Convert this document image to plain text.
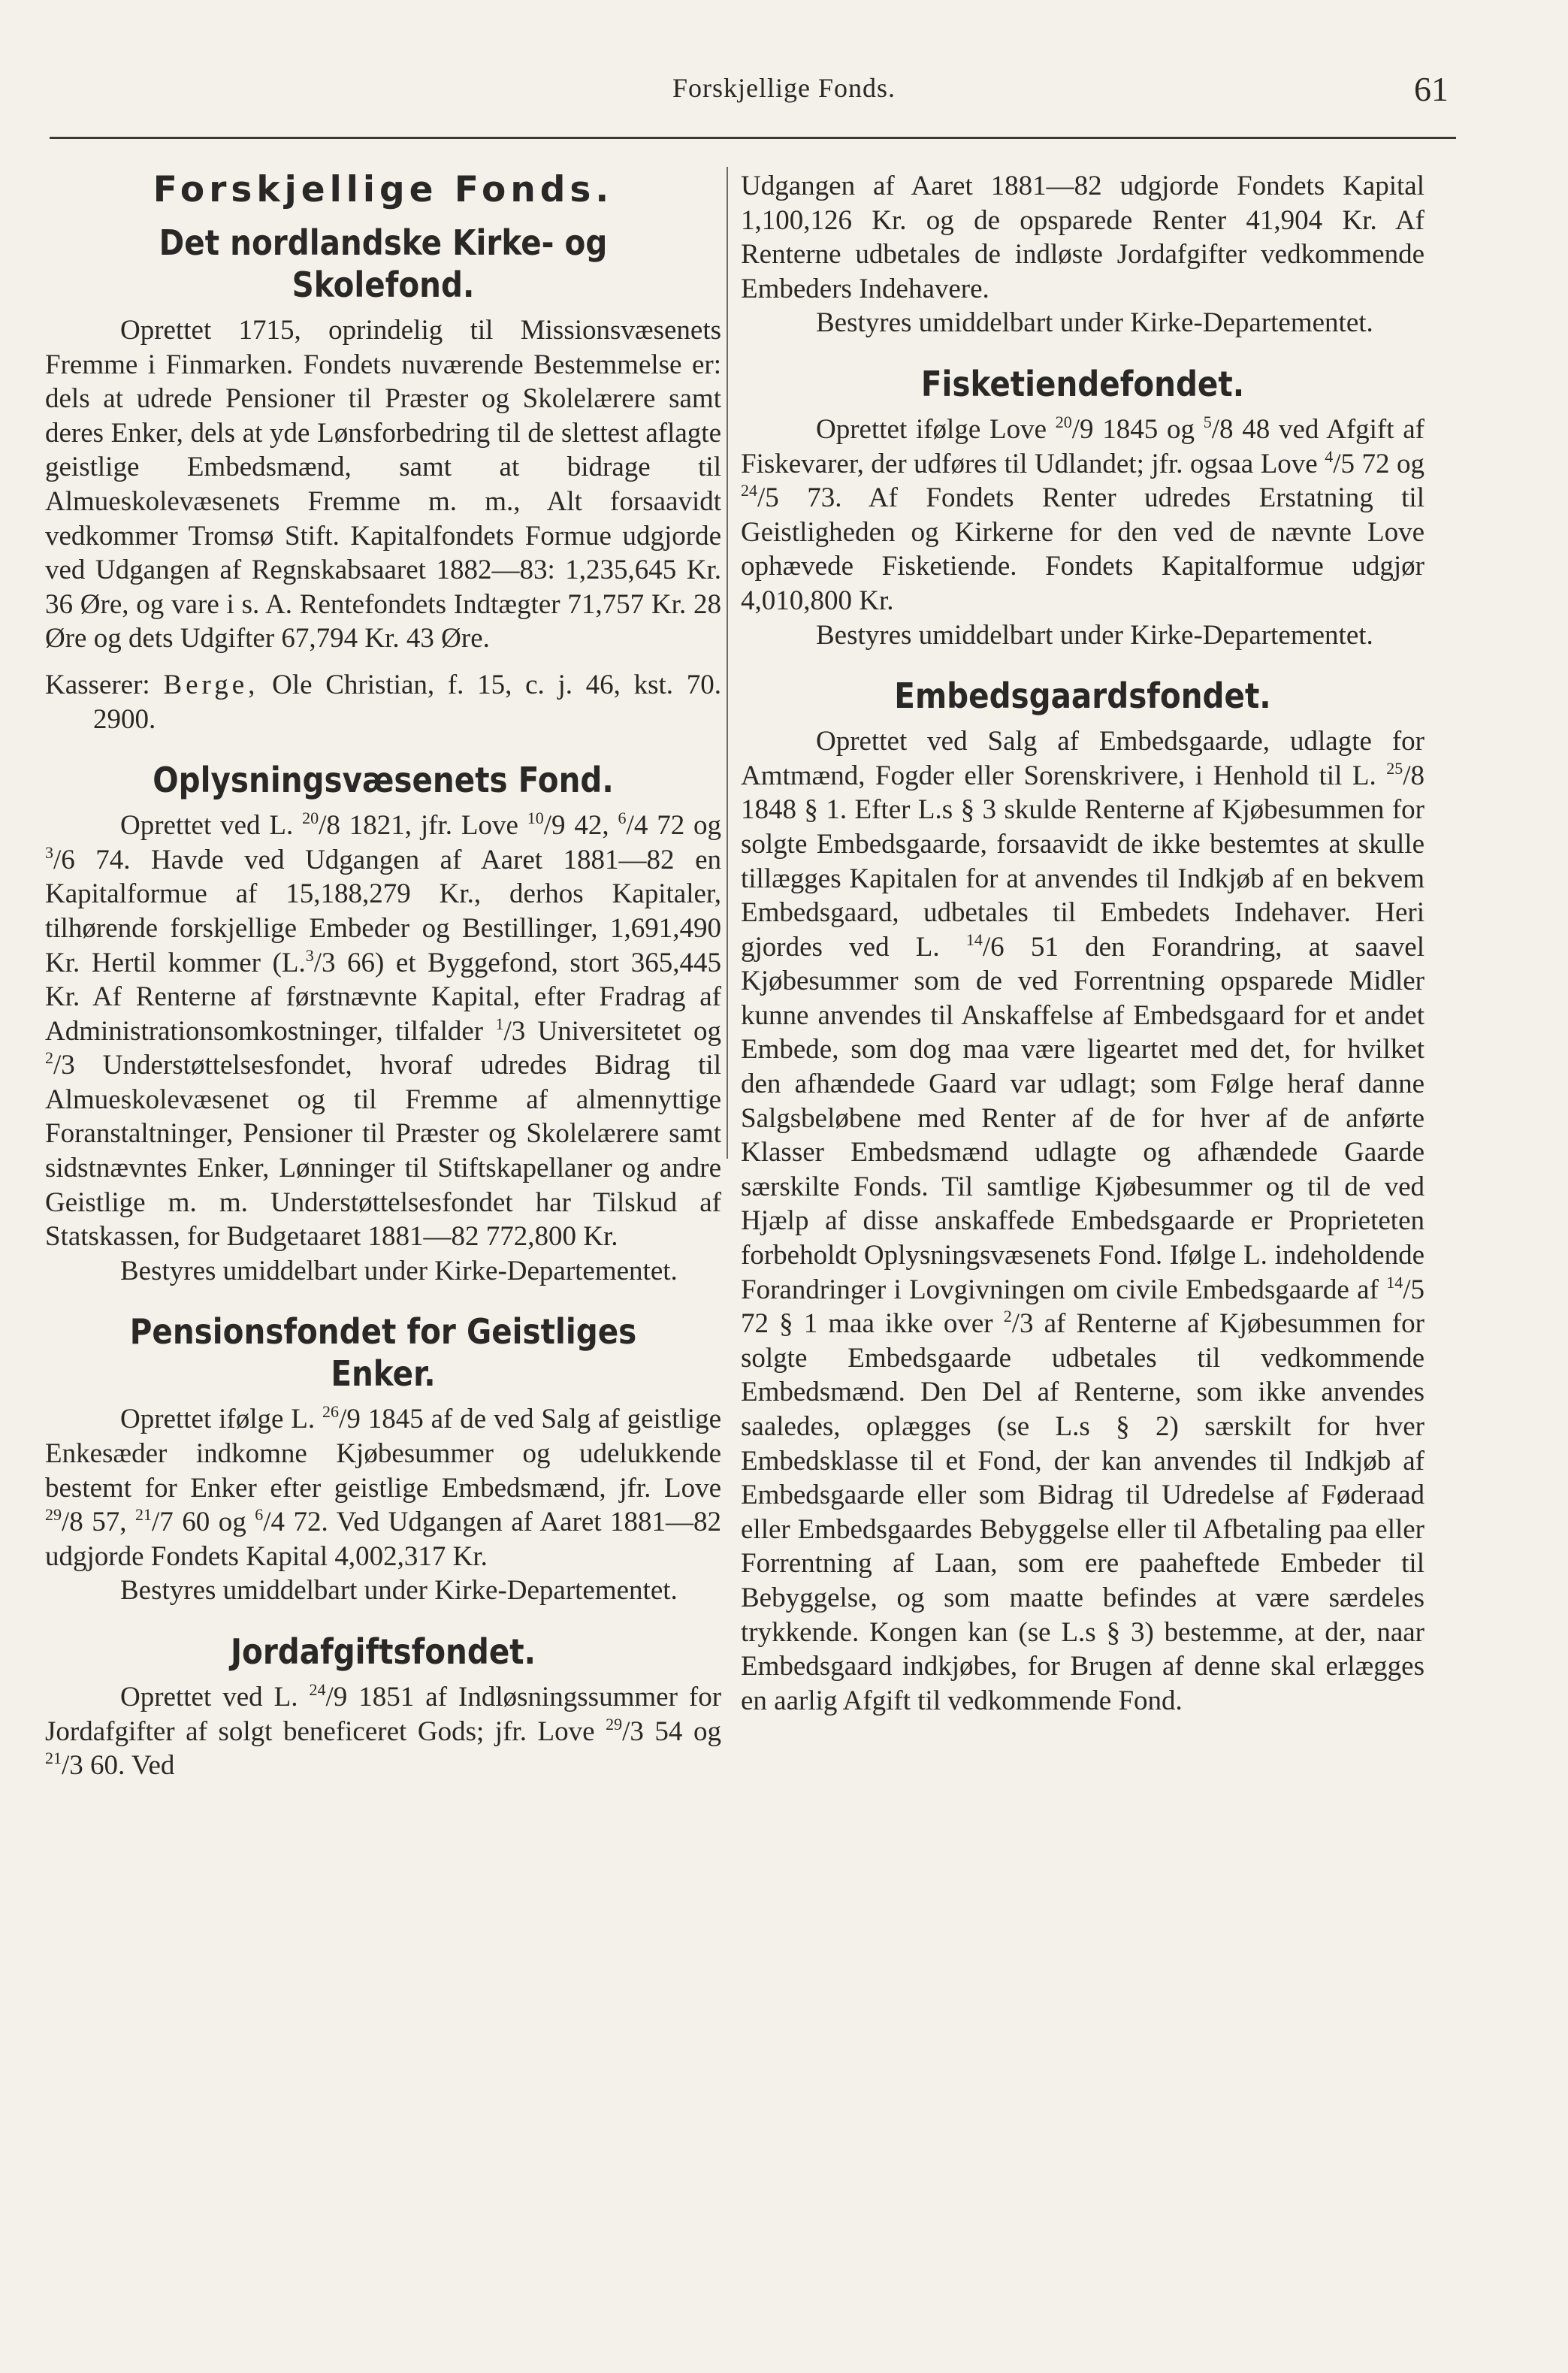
Forskjellige Fonds.	61
Forskjellige Fonds.
Det nordlandske Kirke- og Skolefond.

Oprettet 1715, oprindelig til Missionsvæsenets Fremme i Finmarken. Fondets nuværende Bestemmelse er: dels at udrede Pensioner til Præster og Skolelærere samt deres Enker, dels at yde Lønsforbedring til de slettest aflagte geistlige Embedsmænd, samt at bidrage til Almueskolevæsenets Fremme m. m., Alt forsaavidt vedkommer Tromsø Stift. Kapitalfondets Formue udgjorde ved Udgangen af Regnskabsaaret 1882—83: 1,235,645 Kr. 36 Øre, og vare i s. A. Rentefondets Indtægter 71,757 Kr. 28 Øre og dets Udgifter 67,794 Kr. 43 Øre.

Kasserer: Berge, Ole Christian, f. 15, c. j. 46, kst. 70. 2900.

Oplysningsvæsenets Fond.

Oprettet ved L. $^{20}$/8 1821, jfr. Love $^{10}$/9 42, $^6$/4 72 og $^3$/6 74. Havde ved Udgangen af Aaret 1881—82 en Kapitalformue af 15,188,279 Kr., derhos Kapitaler, tilhørende forskjellige Embeder og Bestillinger, 1,691,490 Kr. Hertil kommer (L.$^3$/3 66) et Byggefond, stort 365,445 Kr. Af Renterne af førstnævnte Kapital, efter Fradrag af Administrationsomkostninger, tilfalder $^1$/3 Universitetet og $^2$/3 Understøttelsesfondet, hvoraf udredes Bidrag til Almueskolevæsenet og til Fremme af almennyttige Foranstaltninger, Pensioner til Præster og Skolelærere samt sidstnævntes Enker, Lønninger til Stiftskapellaner og andre Geistlige m. m. Understøttelsesfondet har Tilskud af Statskassen, for Budgetaaret 1881—82 772,800 Kr.

Bestyres umiddelbart under Kirke-Departementet.

Pensionsfondet for Geistliges Enker.

Oprettet ifølge L. $^{26}$/9 1845 af de ved Salg af geistlige Enkesæder indkomne Kjøbesummer og udelukkende bestemt for Enker efter geistlige Embedsmænd, jfr. Love $^{29}$/8 57, $^{21}$/7 60 og $^6$/4 72. Ved Udgangen af Aaret 1881—82 udgjorde Fondets Kapital 4,002,317 Kr.

Bestyres umiddelbart under Kirke-Departementet.

Jordafgiftsfondet.

Oprettet ved L. $^{24}$/9 1851 af Indløsningssummer for Jordafgifter af solgt beneficeret Gods; jfr. Love $^{29}$/3 54 og $^{21}$/3 60. Ved

Udgangen af Aaret 1881—82 udgjorde Fondets Kapital 1,100,126 Kr. og de opsparede Renter 41,904 Kr. Af Renterne udbetales de indløste Jordafgifter vedkommende Embeders Indehavere.

Bestyres umiddelbart under Kirke-Departementet.

Fisketiendefondet.

Oprettet ifølge Love $^{20}$/9 1845 og $^5$/8 48 ved Afgift af Fiskevarer, der udføres til Udlandet; jfr. ogsaa Love $^4$/5 72 og $^{24}$/5 73. Af Fondets Renter udredes Erstatning til Geistligheden og Kirkerne for den ved de nævnte Love ophævede Fisketiende. Fondets Kapitalformue udgjør 4,010,800 Kr.

Bestyres umiddelbart under Kirke-Departementet.

Embedsgaardsfondet.

Oprettet ved Salg af Embedsgaarde, udlagte for Amtmænd, Fogder eller Sorenskrivere, i Henhold til L. $^{25}$/8 1848 § 1. Efter L.s § 3 skulde Renterne af Kjøbesummen for solgte Embedsgaarde, forsaavidt de ikke bestemtes at skulle tillægges Kapitalen for at anvendes til Indkjøb af en bekvem Embedsgaard, udbetales til Embedets Indehaver. Heri gjordes ved L. $^{14}$/6 51 den Forandring, at saavel Kjøbesummer som de ved Forrentning opsparede Midler kunne anvendes til Anskaffelse af Embedsgaard for et andet Embede, som dog maa være ligeartet med det, for hvilket den afhændede Gaard var udlagt; som Følge heraf danne Salgsbeløbene med Renter af de for hver af de anførte Klasser Embedsmænd udlagte og afhændede Gaarde særskilte Fonds. Til samtlige Kjøbesummer og til de ved Hjælp af disse anskaffede Embedsgaarde er Proprieteten forbeholdt Oplysningsvæsenets Fond. Ifølge L. indeholdende Forandringer i Lovgivningen om civile Embedsgaarde af $^{14}$/5 72 § 1 maa ikke over $^2$/3 af Renterne af Kjøbesummen for solgte Embedsgaarde udbetales til vedkommende Embedsmænd. Den Del af Renterne, som ikke anvendes saaledes, oplægges (se L.s § 2) særskilt for hver Embedsklasse til et Fond, der kan anvendes til Indkjøb af Embedsgaarde eller som Bidrag til Udredelse af Føderaad eller Embedsgaardes Bebyggelse eller til Afbetaling paa eller Forrentning af Laan, som ere paaheftede Embeder til Bebyggelse, og som maatte befindes at være særdeles trykkende. Kongen kan (se L.s § 3) bestemme, at der, naar Embedsgaard indkjøbes, for Brugen af denne skal erlægges en aarlig Afgift til vedkommende Fond.
